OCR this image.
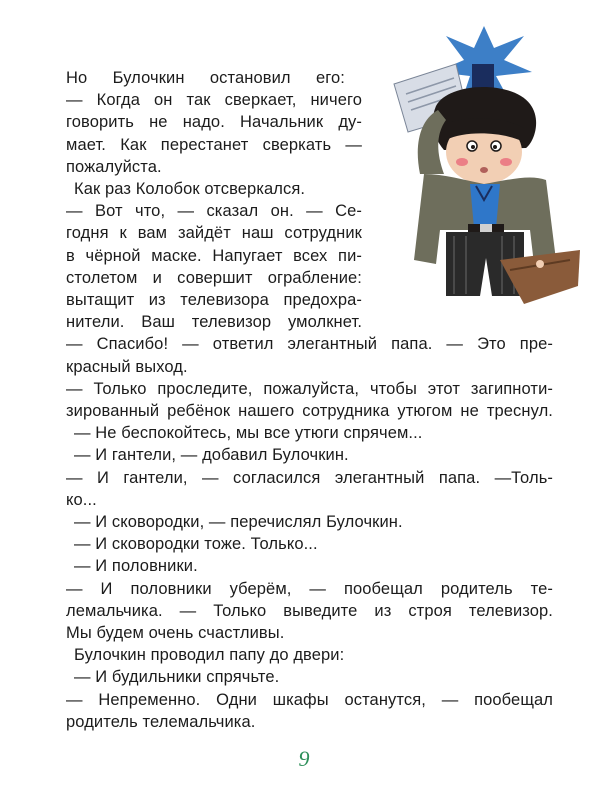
Но Булочкин остановил его:
— Когда он так сверкает, ничего
говорить не надо. Начальник ду-
мает. Как перестанет сверкать —
пожалуйста.
Как раз Колобок отсверкался.
— Вот что, — сказал он. — Се-
годня к вам зайдёт наш сотрудник
в чёрной маске. Напугает всех пи-
столетом и совершит ограбление:
вытащит из телевизора предохра-
нители. Ваш телевизор умолкнет.
— Спасибо! — ответил элегантный папа. — Это пре-
красный выход.
— Только проследите, пожалуйста, чтобы этот загипноти-
зированный ребёнок нашего сотрудника утюгом не треснул.
— Не беспокойтесь, мы все утюги спрячем...
— И гантели, — добавил Булочкин.
— И гантели, — согласился элегантный папа. —Толь-
ко...
— И сковородки, — перечислял Булочкин.
— И сковородки тоже. Только...
— И половники.
— И половники уберём, — пообещал родитель те-
лемальчика. — Только выведите из строя телевизор.
Мы будем очень счастливы.
Булочкин проводил папу до двери:
— И будильники спрячьте.
— Непременно. Одни шкафы останутся, — пообещал
родитель телемальчика.
9
